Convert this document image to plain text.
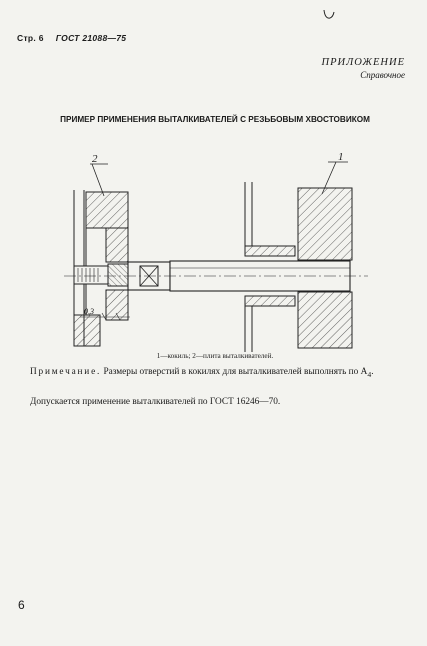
Стр. 6 ГОСТ 21088—75
ПРИЛОЖЕНИЕ
Справочное
ПРИМЕР ПРИМЕНЕНИЯ ВЫТАЛКИВАТЕЛЕЙ С РЕЗЬБОВЫМ ХВОСТОВИКОМ
2	1
0,3
1—кокиль; 2—плита выталкивателей.
Примечание. Размеры отверстий в кокилях для выталкивателей выполнять по $A_4$.
Допускается применение выталкивателей по ГОСТ 16246—70.
6
